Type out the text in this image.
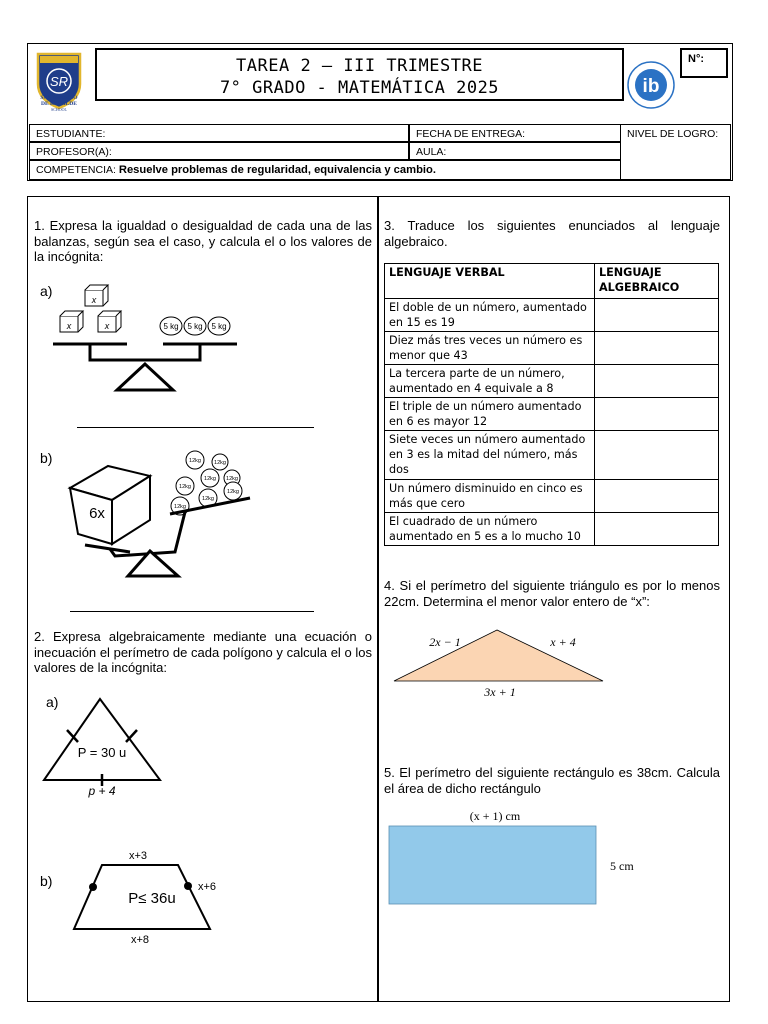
SR
SAN IGNACIO
DE RECALDE
SCHOOL
TAREA 2 – III TRIMESTRE
7° GRADO - MATEMÁTICA 2025	ib
N°:
ESTUDIANTE:	FECHA DE ENTREGA:	NIVEL DE LOGRO:
PROFESOR(A):	AULA:
COMPETENCIA: Resuelve problemas de regularidad, equivalencia y cambio.
1. Expresa la igualdad o desigualdad de cada una de las balanzas, según sea el caso, y calcula el o los valores de la incógnita:
a)
x
x	x	5 kg 5 kg 5 kg
b)
6x
12kg 12kg
12kg 12kg
12kg
12kg
12kg
12kg
2. Expresa algebraicamente mediante una ecuación o inecuación el perímetro de cada polígono y calcula el o los valores de la incógnita:
a)
P = 30 u
p + 4
b)
x+3
x+6
P≤ 36u
x+8
3. Traduce los siguientes enunciados al lenguaje algebraico.
LENGUAJE VERBAL	LENGUAJE ALGEBRAICO
El doble de un número, aumentado en 15 es 19	
Diez más tres veces un número es menor que 43	
La tercera parte de un número, aumentado en 4 equivale a 8	
El triple de un número aumentado en 6 es mayor 12	
Siete veces un número aumentado en 3 es la mitad del número, más dos	
Un número disminuido en cinco es más que cero	
El cuadrado de un número aumentado en 5 es a lo mucho 10	
4. Si el perímetro del siguiente triángulo es por lo menos 22cm. Determina el menor valor entero de “x”:
2x − 1	x + 4
3x + 1
5. El perímetro del siguiente rectángulo es 38cm. Calcula el área de dicho rectángulo
(x + 1) cm
5 cm
